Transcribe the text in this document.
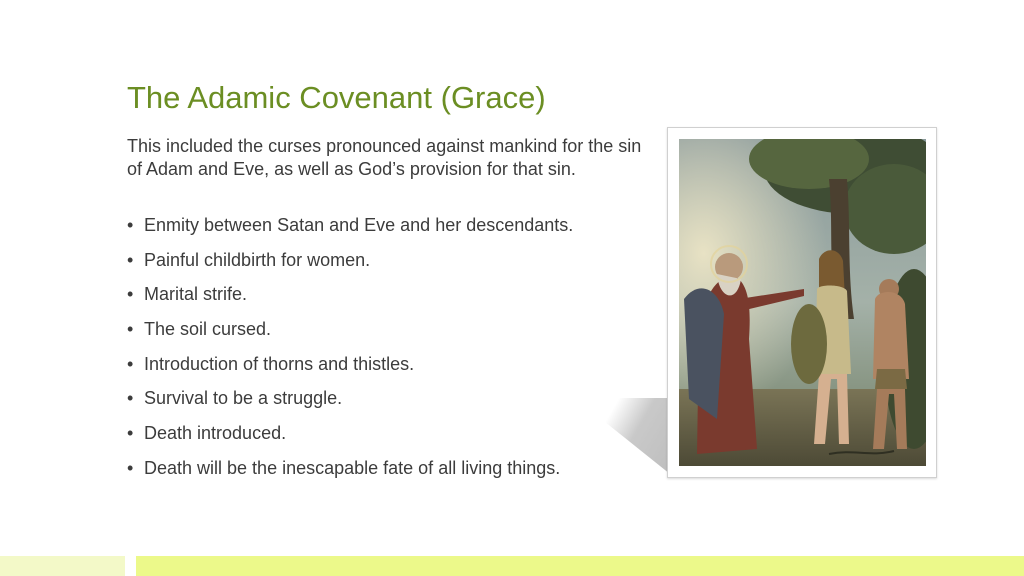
The Adamic Covenant (Grace)
This included the curses pronounced against mankind for the sin of Adam and Eve, as well as God’s provision for that sin.
• Enmity between Satan and Eve and her descendants.
• Painful childbirth for women.
• Marital strife.
• The soil cursed.
• Introduction of thorns and thistles.
• Survival to be a struggle.
• Death introduced.
• Death will be the inescapable fate of all living things.
